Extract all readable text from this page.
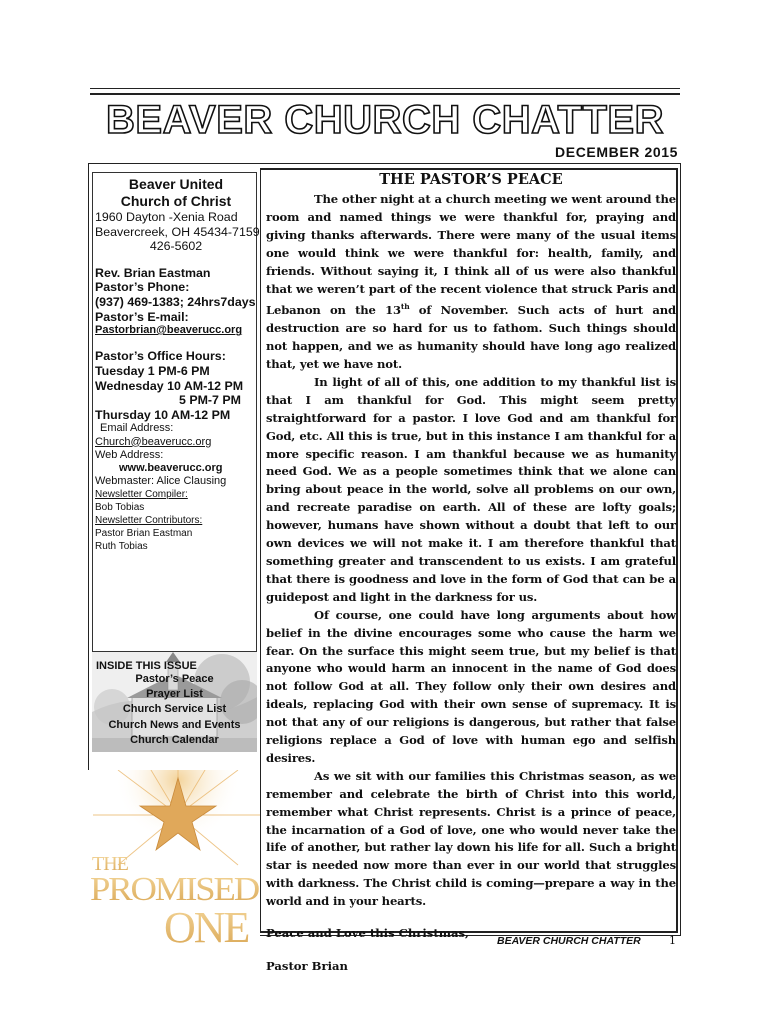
BEAVER CHURCH CHATTER
DECEMBER 2015
Beaver United
Church of Christ
1960 Dayton -Xenia Road
Beavercreek, OH 45434-7159
426-5602
Rev. Brian Eastman
Pastor’s Phone:
(937) 469-1383; 24hrs7days
Pastor’s E-mail:
Pastorbrian@beaverucc.org
Pastor’s Office Hours:
Tuesday 1 PM-6 PM
Wednesday 10 AM-12 PM
5 PM-7 PM
Thursday 10 AM-12 PM
Email Address:
Church@beaverucc.org
Web Address:
www.beaverucc.org
Webmaster: Alice Clausing
Newsletter Compiler:
Bob Tobias
Newsletter Contributors:
Pastor Brian Eastman
Ruth Tobias
INSIDE THIS ISSUE
Pastor’s Peace
Prayer List
Church Service List
Church News and Events
Church Calendar
THE
PROMISED
ONE
THE PASTOR’S PEACE

The other night at a church meeting we went around the room and named things we were thankful for, praying and giving thanks afterwards. There were many of the usual items one would think we were thankful for: health, family, and friends. Without saying it, I think all of us were also thankful that we weren’t part of the recent violence that struck Paris and Lebanon on the 13th of November. Such acts of hurt and destruction are so hard for us to fathom. Such things should not happen, and we as humanity should have long ago realized that, yet we have not.

In light of all of this, one addition to my thankful list is that I am thankful for God. This might seem pretty straightforward for a pastor. I love God and am thankful for God, etc. All this is true, but in this instance I am thankful for a more specific reason. I am thankful because we as humanity need God. We as a people sometimes think that we alone can bring about peace in the world, solve all problems on our own, and recreate paradise on earth. All of these are lofty goals; however, humans have shown without a doubt that left to our own devices we will not make it. I am therefore thankful that something greater and transcendent to us exists. I am grateful that there is goodness and love in the form of God that can be a guidepost and light in the darkness for us.

Of course, one could have long arguments about how belief in the divine encourages some who cause the harm we fear. On the surface this might seem true, but my belief is that anyone who would harm an innocent in the name of God does not follow God at all. They follow only their own desires and ideals, replacing God with their own sense of supremacy. It is not that any of our religions is dangerous, but rather that false religions replace a God of love with human ego and selfish desires.

As we sit with our families this Christmas season, as we remember and celebrate the birth of Christ into this world, remember what Christ represents. Christ is a prince of peace, the incarnation of a God of love, one who would never take the life of another, but rather lay down his life for all. Such a bright star is needed now more than ever in our world that struggles with darkness. The Christ child is coming—prepare a way in the world and in your hearts.

Peace and Love this Christmas,
Pastor Brian
BEAVER CHURCH CHATTER	1
